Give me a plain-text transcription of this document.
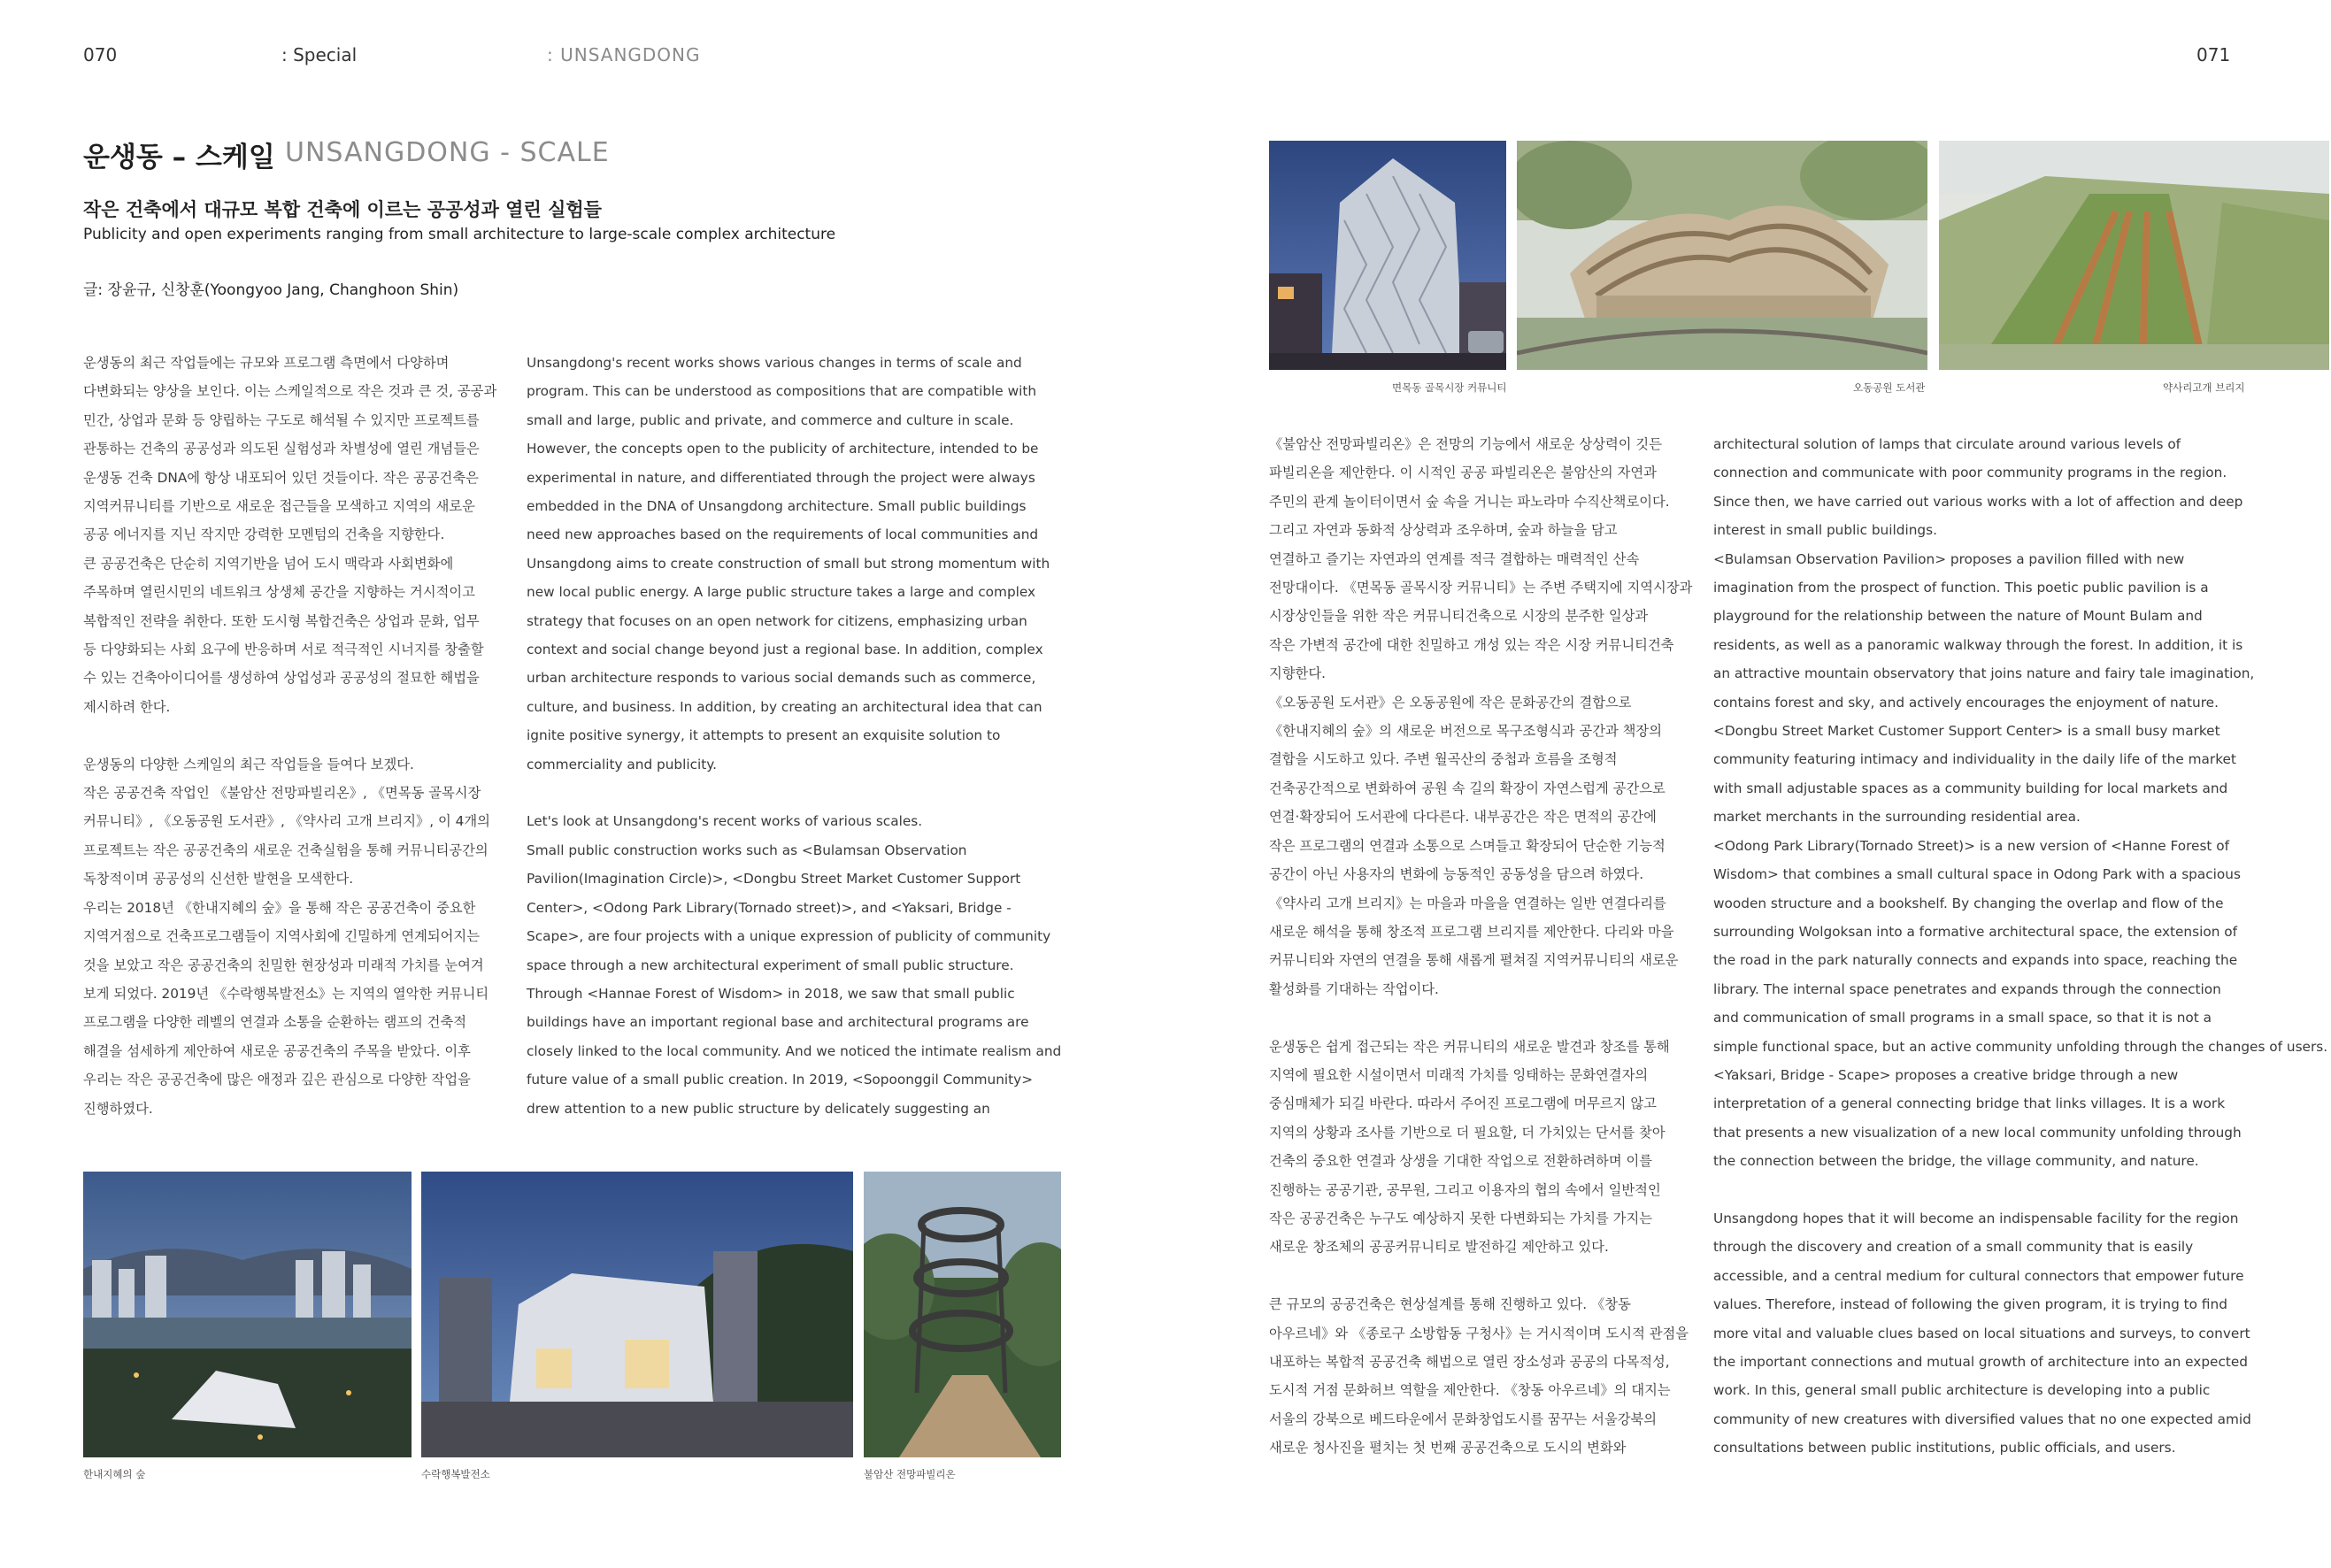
070	: Special	: UNSANGDONG	071
운생동 – 스케일 UNSANGDONG - SCALE
작은 건축에서 대규모 복합 건축에 이르는 공공성과 열린 실험들
Publicity and open experiments ranging from small architecture to large-scale complex architecture
글: 장윤규, 신창훈(Yoongyoo Jang, Changhoon Shin)

운생동의 최근 작업들에는 규모와 프로그램 측면에서 다양하며

다변화되는 양상을 보인다. 이는 스케일적으로 작은 것과 큰 것, 공공과

민간, 상업과 문화 등 양립하는 구도로 해석될 수 있지만 프로젝트를

관통하는 건축의 공공성과 의도된 실험성과 차별성에 열린 개념들은

운생동 건축 DNA에 항상 내포되어 있던 것들이다. 작은 공공건축은

지역커뮤니티를 기반으로 새로운 접근들을 모색하고 지역의 새로운

공공 에너지를 지닌 작지만 강력한 모멘텀의 건축을 지향한다.

큰 공공건축은 단순히 지역기반을 넘어 도시 맥락과 사회변화에

주목하며 열린시민의 네트워크 상생체 공간을 지향하는 거시적이고

복합적인 전략을 취한다. 또한 도시형 복합건축은 상업과 문화, 업무

등 다양화되는 사회 요구에 반응하며 서로 적극적인 시너지를 창출할

수 있는 건축아이디어를 생성하여 상업성과 공공성의 절묘한 해법을

제시하려 한다.

운생동의 다양한 스케일의 최근 작업들을 들여다 보겠다.

작은 공공건축 작업인 《불암산 전망파빌리온》, 《면목동 골목시장

커뮤니티》, 《오동공원 도서관》, 《약사리 고개 브리지》, 이 4개의

프로젝트는 작은 공공건축의 새로운 건축실험을 통해 커뮤니티공간의

독창적이며 공공성의 신선한 발현을 모색한다.

우리는 2018년 《한내지혜의 숲》을 통해 작은 공공건축이 중요한

지역거점으로 건축프로그램들이 지역사회에 긴밀하게 연계되어지는

것을 보았고 작은 공공건축의 친밀한 현장성과 미래적 가치를 눈여겨

보게 되었다. 2019년 《수락행복발전소》는 지역의 열악한 커뮤니티

프로그램을 다양한 레벨의 연결과 소통을 순환하는 램프의 건축적

해결을 섬세하게 제안하여 새로운 공공건축의 주목을 받았다. 이후

우리는 작은 공공건축에 많은 애정과 깊은 관심으로 다양한 작업을

진행하였다.

Unsangdong's recent works shows various changes in terms of scale and

program. This can be understood as compositions that are compatible with

small and large, public and private, and commerce and culture in scale.

However, the concepts open to the publicity of architecture, intended to be

experimental in nature, and differentiated through the project were always

embedded in the DNA of Unsangdong architecture. Small public buildings

need new approaches based on the requirements of local communities and

Unsangdong aims to create construction of small but strong momentum with

new local public energy. A large public structure takes a large and complex

strategy that focuses on an open network for citizens, emphasizing urban

context and social change beyond just a regional base. In addition, complex

urban architecture responds to various social demands such as commerce,

culture, and business. In addition, by creating an architectural idea that can

ignite positive synergy, it attempts to present an exquisite solution to

commerciality and publicity.

Let's look at Unsangdong's recent works of various scales.

Small public construction works such as <Bulamsan Observation

Pavilion(Imagination Circle)>, <Dongbu Street Market Customer Support

Center>, <Odong Park Library(Tornado street)>, and <Yaksari, Bridge -

Scape>, are four projects with a unique expression of publicity of community

space through a new architectural experiment of small public structure.

Through <Hannae Forest of Wisdom> in 2018, we saw that small public

buildings have an important regional base and architectural programs are

closely linked to the local community. And we noticed the intimate realism and

future value of a small public creation. In 2019, <Sopoonggil Community>

drew attention to a new public structure by delicately suggesting an

《불암산 전망파빌리온》은 전망의 기능에서 새로운 상상력이 깃든

파빌리온을 제안한다. 이 시적인 공공 파빌리온은 불암산의 자연과

주민의 관계 놀이터이면서 숲 속을 거니는 파노라마 수직산책로이다.

그리고 자연과 동화적 상상력과 조우하며, 숲과 하늘을 담고

연결하고 즐기는 자연과의 연계를 적극 결합하는 매력적인 산속

전망대이다. 《면목동 골목시장 커뮤니티》는 주변 주택지에 지역시장과

시장상인들을 위한 작은 커뮤니티건축으로 시장의 분주한 일상과

작은 가변적 공간에 대한 친밀하고 개성 있는 작은 시장 커뮤니티건축

지향한다.

《오동공원 도서관》은 오동공원에 작은 문화공간의 결합으로

《한내지혜의 숲》의 새로운 버전으로 목구조형식과 공간과 책장의

결합을 시도하고 있다. 주변 월곡산의 중첩과 흐름을 조형적

건축공간적으로 변화하여 공원 속 길의 확장이 자연스럽게 공간으로

연결·확장되어 도서관에 다다른다. 내부공간은 작은 면적의 공간에

작은 프로그램의 연결과 소통으로 스며들고 확장되어 단순한 기능적

공간이 아닌 사용자의 변화에 능동적인 공동성을 담으려 하였다.

《약사리 고개 브리지》는 마을과 마을을 연결하는 일반 연결다리를

새로운 해석을 통해 창조적 프로그램 브리지를 제안한다. 다리와 마을

커뮤니티와 자연의 연결을 통해 새롭게 펼쳐질 지역커뮤니티의 새로운

활성화를 기대하는 작업이다.

운생동은 쉽게 접근되는 작은 커뮤니티의 새로운 발견과 창조를 통해

지역에 필요한 시설이면서 미래적 가치를 잉태하는 문화연결자의

중심매체가 되길 바란다. 따라서 주어진 프로그램에 머무르지 않고

지역의 상황과 조사를 기반으로 더 필요할, 더 가치있는 단서를 찾아

건축의 중요한 연결과 상생을 기대한 작업으로 전환하려하며 이를

진행하는 공공기관, 공무원, 그리고 이용자의 협의 속에서 일반적인

작은 공공건축은 누구도 예상하지 못한 다변화되는 가치를 가지는

새로운 창조체의 공공커뮤니티로 발전하길 제안하고 있다.

큰 규모의 공공건축은 현상설계를 통해 진행하고 있다. 《창동

아우르네》와 《종로구 소방합동 구청사》는 거시적이며 도시적 관점을

내포하는 복합적 공공건축 해법으로 열린 장소성과 공공의 다목적성,

도시적 거점 문화허브 역할을 제안한다. 《창동 아우르네》의 대지는

서울의 강북으로 베드타운에서 문화창업도시를 꿈꾸는 서울강북의

새로운 청사진을 펼치는 첫 번째 공공건축으로 도시의 변화와

architectural solution of lamps that circulate around various levels of

connection and communicate with poor community programs in the region.

Since then, we have carried out various works with a lot of affection and deep

interest in small public buildings.

<Bulamsan Observation Pavilion> proposes a pavilion filled with new

imagination from the prospect of function. This poetic public pavilion is a

playground for the relationship between the nature of Mount Bulam and

residents, as well as a panoramic walkway through the forest. In addition, it is

an attractive mountain observatory that joins nature and fairy tale imagination,

contains forest and sky, and actively encourages the enjoyment of nature.

<Dongbu Street Market Customer Support Center> is a small busy market

community featuring intimacy and individuality in the daily life of the market

with small adjustable spaces as a community building for local markets and

market merchants in the surrounding residential area.

<Odong Park Library(Tornado Street)> is a new version of <Hanne Forest of

Wisdom> that combines a small cultural space in Odong Park with a spacious

wooden structure and a bookshelf. By changing the overlap and flow of the

surrounding Wolgoksan into a formative architectural space, the extension of

the road in the park naturally connects and expands into space, reaching the

library. The internal space penetrates and expands through the connection

and communication of small programs in a small space, so that it is not a

simple functional space, but an active community unfolding through the changes of users.

<Yaksari, Bridge - Scape> proposes a creative bridge through a new

interpretation of a general connecting bridge that links villages. It is a work

that presents a new visualization of a new local community unfolding through

the connection between the bridge, the village community, and nature.

Unsangdong hopes that it will become an indispensable facility for the region

through the discovery and creation of a small community that is easily

accessible, and a central medium for cultural connectors that empower future

values. Therefore, instead of following the given program, it is trying to find

more vital and valuable clues based on local situations and surveys, to convert

the important connections and mutual growth of architecture into an expected

work. In this, general small public architecture is developing into a public

community of new creatures with diversified values that no one expected amid

consultations between public institutions, public officials, and users.

면목동 골목시장 커뮤니티	오동공원 도서관	약사리고개 브리지
한내지혜의 숲	수락행복발전소	불암산 전망파빌리온
